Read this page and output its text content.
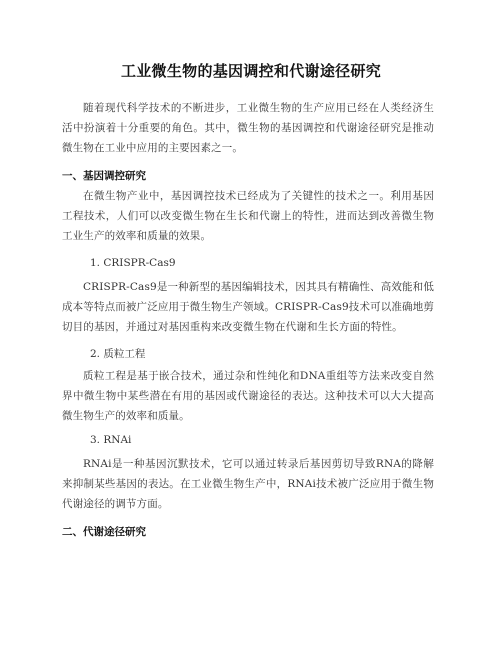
工业微生物的基因调控和代谢途径研究

随着现代科学技术的不断进步，工业微生物的生产应用已经在人类经济生活中扮演着十分重要的角色。其中，微生物的基因调控和代谢途径研究是推动微生物在工业中应用的主要因素之一。

一、基因调控研究

在微生物产业中，基因调控技术已经成为了关键性的技术之一。利用基因工程技术，人们可以改变微生物在生长和代谢上的特性，进而达到改善微生物工业生产的效率和质量的效果。

1. CRISPR-Cas9

CRISPR-Cas9是一种新型的基因编辑技术，因其具有精确性、高效能和低成本等特点而被广泛应用于微生物生产领域。CRISPR-Cas9技术可以准确地剪切目的基因，并通过对基因重构来改变微生物在代谢和生长方面的特性。

2. 质粒工程

质粒工程是基于嵌合技术，通过杂和性纯化和DNA重组等方法来改变自然界中微生物中某些潜在有用的基因或代谢途径的表达。这种技术可以大大提高微生物生产的效率和质量。

3. RNAi

RNAi是一种基因沉默技术，它可以通过转录后基因剪切导致RNA的降解来抑制某些基因的表达。在工业微生物生产中，RNAi技术被广泛应用于微生物代谢途径的调节方面。

二、代谢途径研究
